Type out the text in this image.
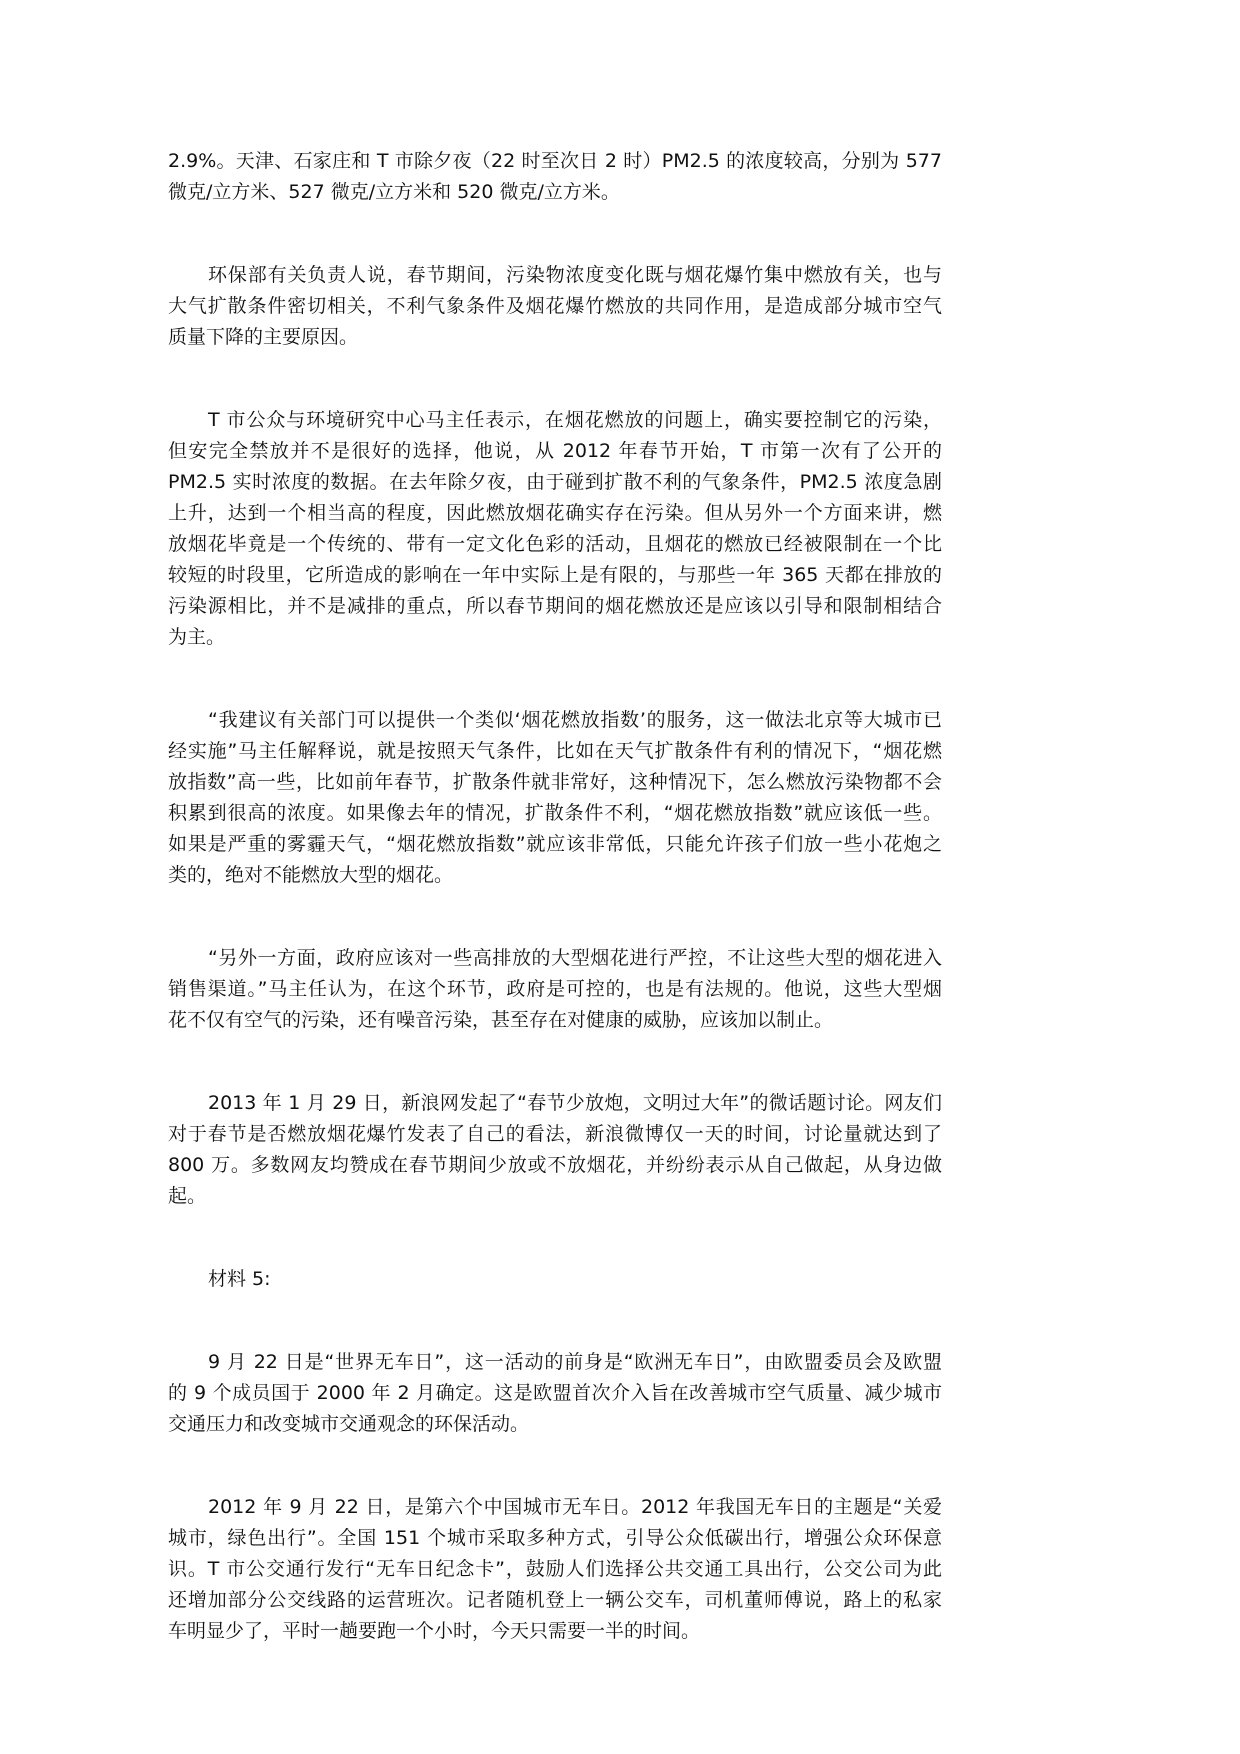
2.9%。天津、石家庄和 T 市除夕夜（22 时至次日 2 时）PM2.5 的浓度较高，分别为 577
微克/立方米、527 微克/立方米和 520 微克/立方米。
环保部有关负责人说，春节期间，污染物浓度变化既与烟花爆竹集中燃放有关，也与
大气扩散条件密切相关，不利气象条件及烟花爆竹燃放的共同作用，是造成部分城市空气
质量下降的主要原因。
T 市公众与环境研究中心马主任表示，在烟花燃放的问题上，确实要控制它的污染，
但安完全禁放并不是很好的选择，他说，从 2012 年春节开始，T 市第一次有了公开的
PM2.5 实时浓度的数据。在去年除夕夜，由于碰到扩散不利的气象条件，PM2.5 浓度急剧
上升，达到一个相当高的程度，因此燃放烟花确实存在污染。但从另外一个方面来讲，燃
放烟花毕竟是一个传统的、带有一定文化色彩的活动，且烟花的燃放已经被限制在一个比
较短的时段里，它所造成的影响在一年中实际上是有限的，与那些一年 365 天都在排放的
污染源相比，并不是减排的重点，所以春节期间的烟花燃放还是应该以引导和限制相结合
为主。
“我建议有关部门可以提供一个类似‘烟花燃放指数’的服务，这一做法北京等大城市已
经实施”马主任解释说，就是按照天气条件，比如在天气扩散条件有利的情况下，“烟花燃
放指数”高一些，比如前年春节，扩散条件就非常好，这种情况下，怎么燃放污染物都不会
积累到很高的浓度。如果像去年的情况，扩散条件不利，“烟花燃放指数”就应该低一些。
如果是严重的雾霾天气，“烟花燃放指数”就应该非常低，只能允许孩子们放一些小花炮之
类的，绝对不能燃放大型的烟花。
“另外一方面，政府应该对一些高排放的大型烟花进行严控，不让这些大型的烟花进入
销售渠道。”马主任认为，在这个环节，政府是可控的，也是有法规的。他说，这些大型烟
花不仅有空气的污染，还有噪音污染，甚至存在对健康的威胁，应该加以制止。
2013 年 1 月 29 日，新浪网发起了“春节少放炮，文明过大年”的微话题讨论。网友们
对于春节是否燃放烟花爆竹发表了自己的看法，新浪微博仅一天的时间，讨论量就达到了
800 万。多数网友均赞成在春节期间少放或不放烟花，并纷纷表示从自己做起，从身边做
起。
材料 5:
9 月 22 日是“世界无车日”，这一活动的前身是“欧洲无车日”，由欧盟委员会及欧盟
的 9 个成员国于 2000 年 2 月确定。这是欧盟首次介入旨在改善城市空气质量、减少城市
交通压力和改变城市交通观念的环保活动。
2012 年 9 月 22 日，是第六个中国城市无车日。2012 年我国无车日的主题是“关爱
城市，绿色出行”。全国 151 个城市采取多种方式，引导公众低碳出行，增强公众环保意
识。T 市公交通行发行“无车日纪念卡”，鼓励人们选择公共交通工具出行，公交公司为此
还增加部分公交线路的运营班次。记者随机登上一辆公交车，司机董师傅说，路上的私家
车明显少了，平时一趟要跑一个小时，今天只需要一半的时间。
